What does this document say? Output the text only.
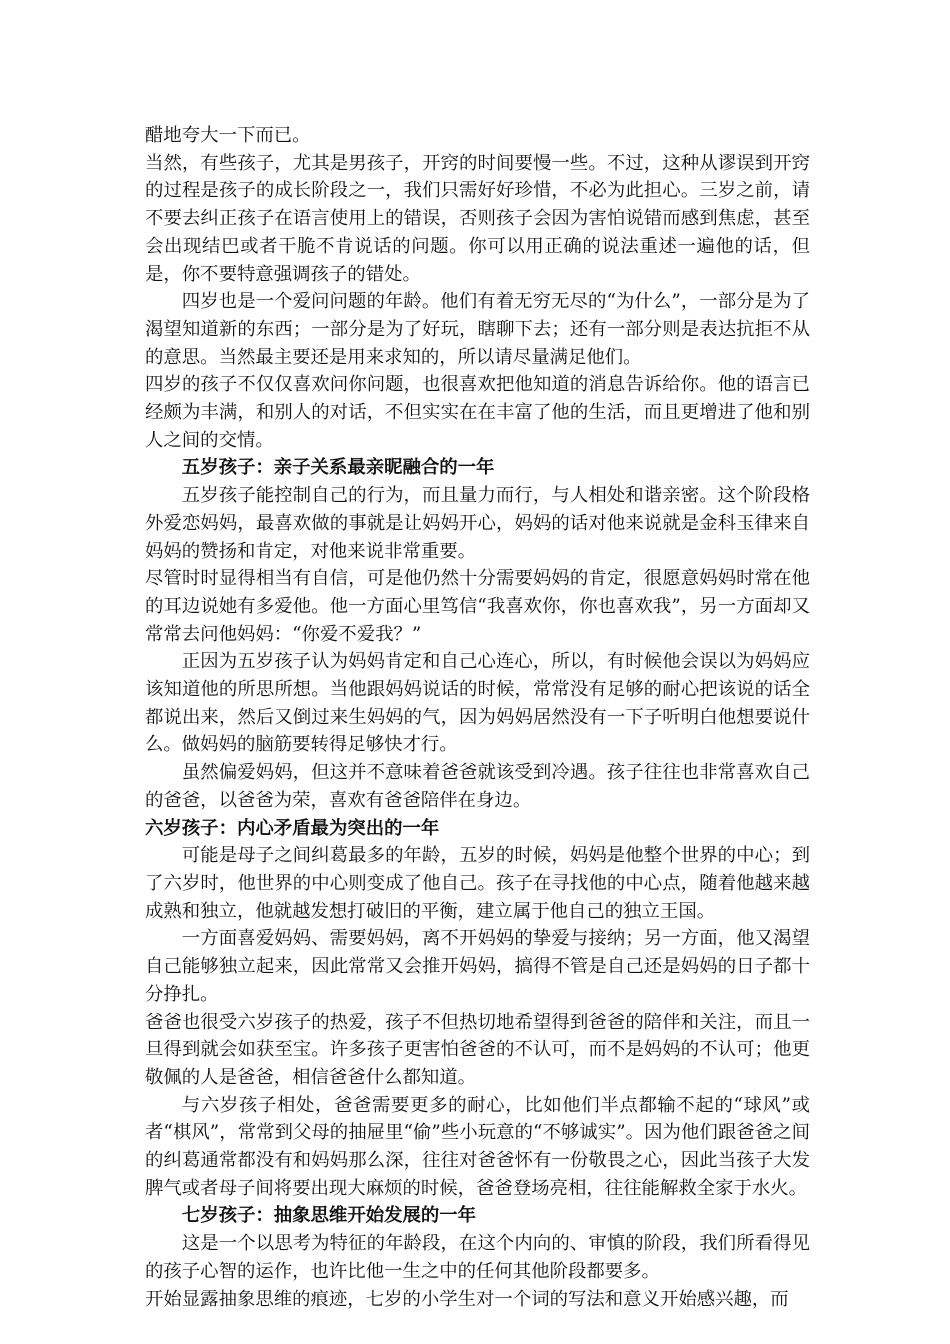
醋地夸大一下而已。

当然，有些孩子，尤其是男孩子，开窍的时间要慢一些。不过，这种从谬误到开窍的过程是孩子的成长阶段之一，我们只需好好珍惜，不必为此担心。三岁之前，请不要去纠正孩子在语言使用上的错误，否则孩子会因为害怕说错而感到焦虑，甚至会出现结巴或者干脆不肯说话的问题。你可以用正确的说法重述一遍他的话，但是，你不要特意强调孩子的错处。

四岁也是一个爱问问题的年龄。他们有着无穷无尽的“为什么”，一部分是为了渴望知道新的东西；一部分是为了好玩，瞎聊下去；还有一部分则是表达抗拒不从的意思。当然最主要还是用来求知的，所以请尽量满足他们。

四岁的孩子不仅仅喜欢问你问题，也很喜欢把他知道的消息告诉给你。他的语言已经颇为丰满，和别人的对话，不但实实在在丰富了他的生活，而且更增进了他和别人之间的交情。

五岁孩子：亲子关系最亲昵融合的一年

五岁孩子能控制自己的行为，而且量力而行，与人相处和谐亲密。这个阶段格外爱恋妈妈，最喜欢做的事就是让妈妈开心，妈妈的话对他来说就是金科玉律来自妈妈的赞扬和肯定，对他来说非常重要。

尽管时时显得相当有自信，可是他仍然十分需要妈妈的肯定，很愿意妈妈时常在他的耳边说她有多爱他。他一方面心里笃信“我喜欢你，你也喜欢我”，另一方面却又常常去问他妈妈：“你爱不爱我？”

正因为五岁孩子认为妈妈肯定和自己心连心，所以，有时候他会误以为妈妈应该知道他的所思所想。当他跟妈妈说话的时候，常常没有足够的耐心把该说的话全都说出来，然后又倒过来生妈妈的气，因为妈妈居然没有一下子听明白他想要说什么。做妈妈的脑筋要转得足够快才行。

虽然偏爱妈妈，但这并不意味着爸爸就该受到冷遇。孩子往往也非常喜欢自己的爸爸，以爸爸为荣，喜欢有爸爸陪伴在身边。

六岁孩子：内心矛盾最为突出的一年

可能是母子之间纠葛最多的年龄，五岁的时候，妈妈是他整个世界的中心；到了六岁时，他世界的中心则变成了他自己。孩子在寻找他的中心点，随着他越来越成熟和独立，他就越发想打破旧的平衡，建立属于他自己的独立王国。

一方面喜爱妈妈、需要妈妈，离不开妈妈的挚爱与接纳；另一方面，他又渴望自己能够独立起来，因此常常又会推开妈妈，搞得不管是自己还是妈妈的日子都十分挣扎。

爸爸也很受六岁孩子的热爱，孩子不但热切地希望得到爸爸的陪伴和关注，而且一旦得到就会如获至宝。许多孩子更害怕爸爸的不认可，而不是妈妈的不认可；他更敬佩的人是爸爸，相信爸爸什么都知道。

与六岁孩子相处，爸爸需要更多的耐心，比如他们半点都输不起的“球风”或者“棋风”，常常到父母的抽屉里“偷”些小玩意的“不够诚实”。因为他们跟爸爸之间的纠葛通常都没有和妈妈那么深，往往对爸爸怀有一份敬畏之心，因此当孩子大发脾气或者母子间将要出现大麻烦的时候，爸爸登场亮相，往往能解救全家于水火。

七岁孩子：抽象思维开始发展的一年

这是一个以思考为特征的年龄段，在这个内向的、审慎的阶段，我们所看得见的孩子心智的运作，也许比他一生之中的任何其他阶段都要多。

开始显露抽象思维的痕迹，七岁的小学生对一个词的写法和意义开始感兴趣，而
